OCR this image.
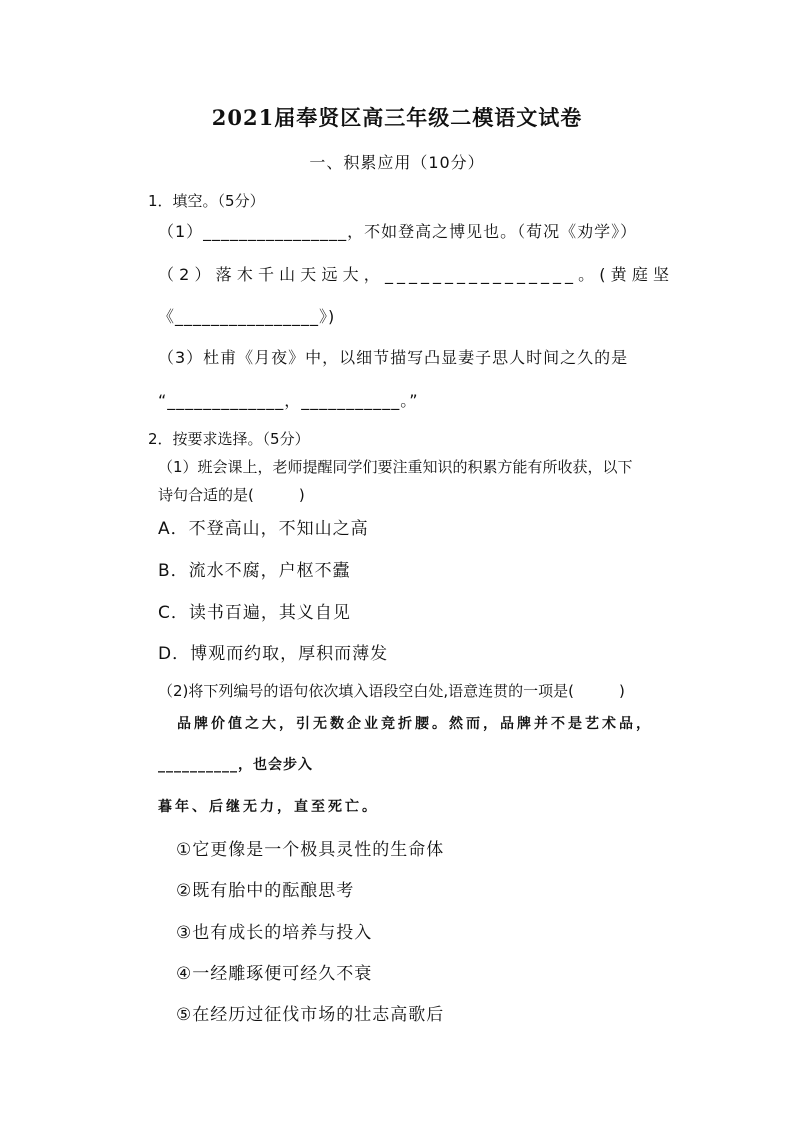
2021届奉贤区高三年级二模语文试卷
一、积累应用（10分）
1．填空。（5分）
（1）________________，不如登高之博见也。（荀况《劝学》）
（2）落木千山天远大，________________。(黄庭坚
《________________》)
（3）杜甫《月夜》中，以细节描写凸显妻子思人时间之久的是
“_____________，___________。”
2．按要求选择。（5分）
（1）班会课上，老师提醒同学们要注重知识的积累方能有所收获，以下
诗句合适的是(　　　)
A．不登高山，不知山之高
B．流水不腐，户枢不蠹
C．读书百遍，其义自见
D．博观而约取，厚积而薄发
（2)将下列编号的语句依次填入语段空白处,语意连贯的一项是(　　　)
品牌价值之大，引无数企业竞折腰。然而，品牌并不是艺术品，
__________，也会步入
暮年、后继无力，直至死亡。
①它更像是一个极具灵性的生命体
②既有胎中的酝酿思考
③也有成长的培养与投入
④一经雕琢便可经久不衰
⑤在经历过征伐市场的壮志高歌后
